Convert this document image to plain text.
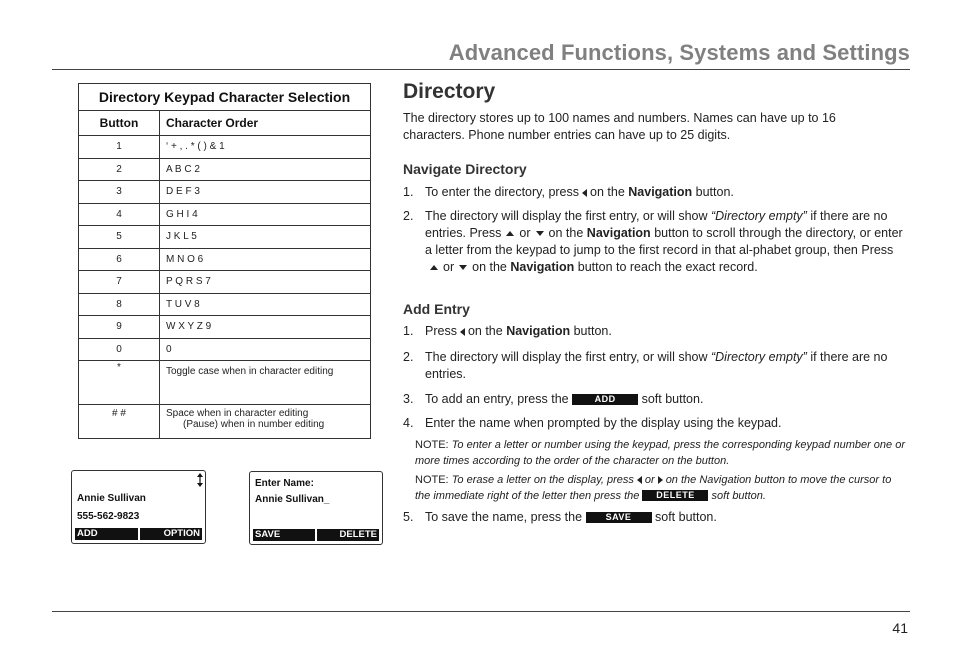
Advanced Functions, Systems and Settings
Directory Keypad Character Selection	
Button	Character Order
1	‘ + , . * ( ) & 1
2	A B C 2
3	D E F 3
4	G H I 4
5	J K L 5
6	M N O 6
7	P Q R S 7
8	T U V 8
9	W X Y Z 9
0	0
*	Toggle case when in character editing
# #	Space when in character editing
(Pause) when in number editing
Annie Sullivan
555-562-9823
ADD	OPTION
Enter Name:
Annie Sullivan_
SAVE	DELETE
Directory
The directory stores up to 100 names and numbers. Names can have up to 16 characters. Phone number entries can have up to 25 digits.
Navigate Directory
1. To enter the directory, press on the Navigation button.
2. The directory will display the first entry, or will show “Directory empty” if there are no entries. Press or on the Navigation button to scroll through the directory, or enter a letter from the keypad to jump to the first record in that al-phabet group, then Pressor on the Navigation button to reach the exact record.
Add Entry
1. Press on the Navigation button.
2. The directory will display the first entry, or will show “Directory empty” if there are no entries.
3. To add an entry, press the	ADD soft button.
4. Enter the name when prompted by the display using the keypad.
NOTE: To enter a letter or number using the keypad, press the corresponding keypad number one or more times according to the order of the character on the button.
NOTE: To erase a letter on the display, press or on the Navigation button to move the cursor to the immediate right of the letter then press the DELETE soft button.
5. To save the name, press the	SAVE soft button.
41
